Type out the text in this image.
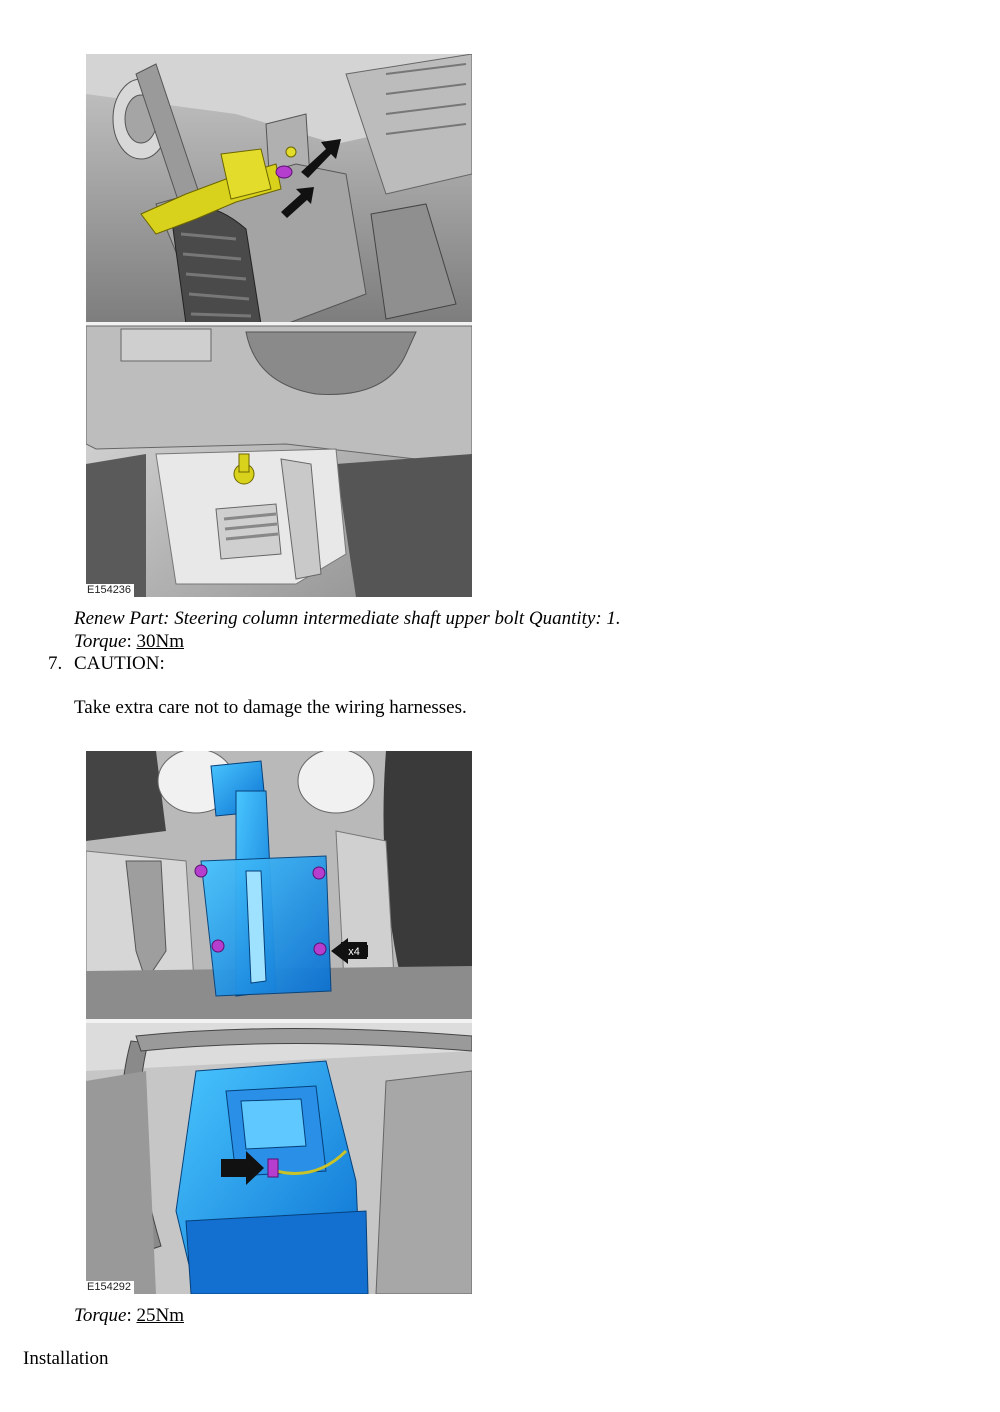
E154236
Renew Part: Steering column intermediate shaft upper bolt Quantity: 1.
Torque: 30Nm
7. CAUTION:
Take extra care not to damage the wiring harnesses.
x4
E154292
Torque: 25Nm
Installation
